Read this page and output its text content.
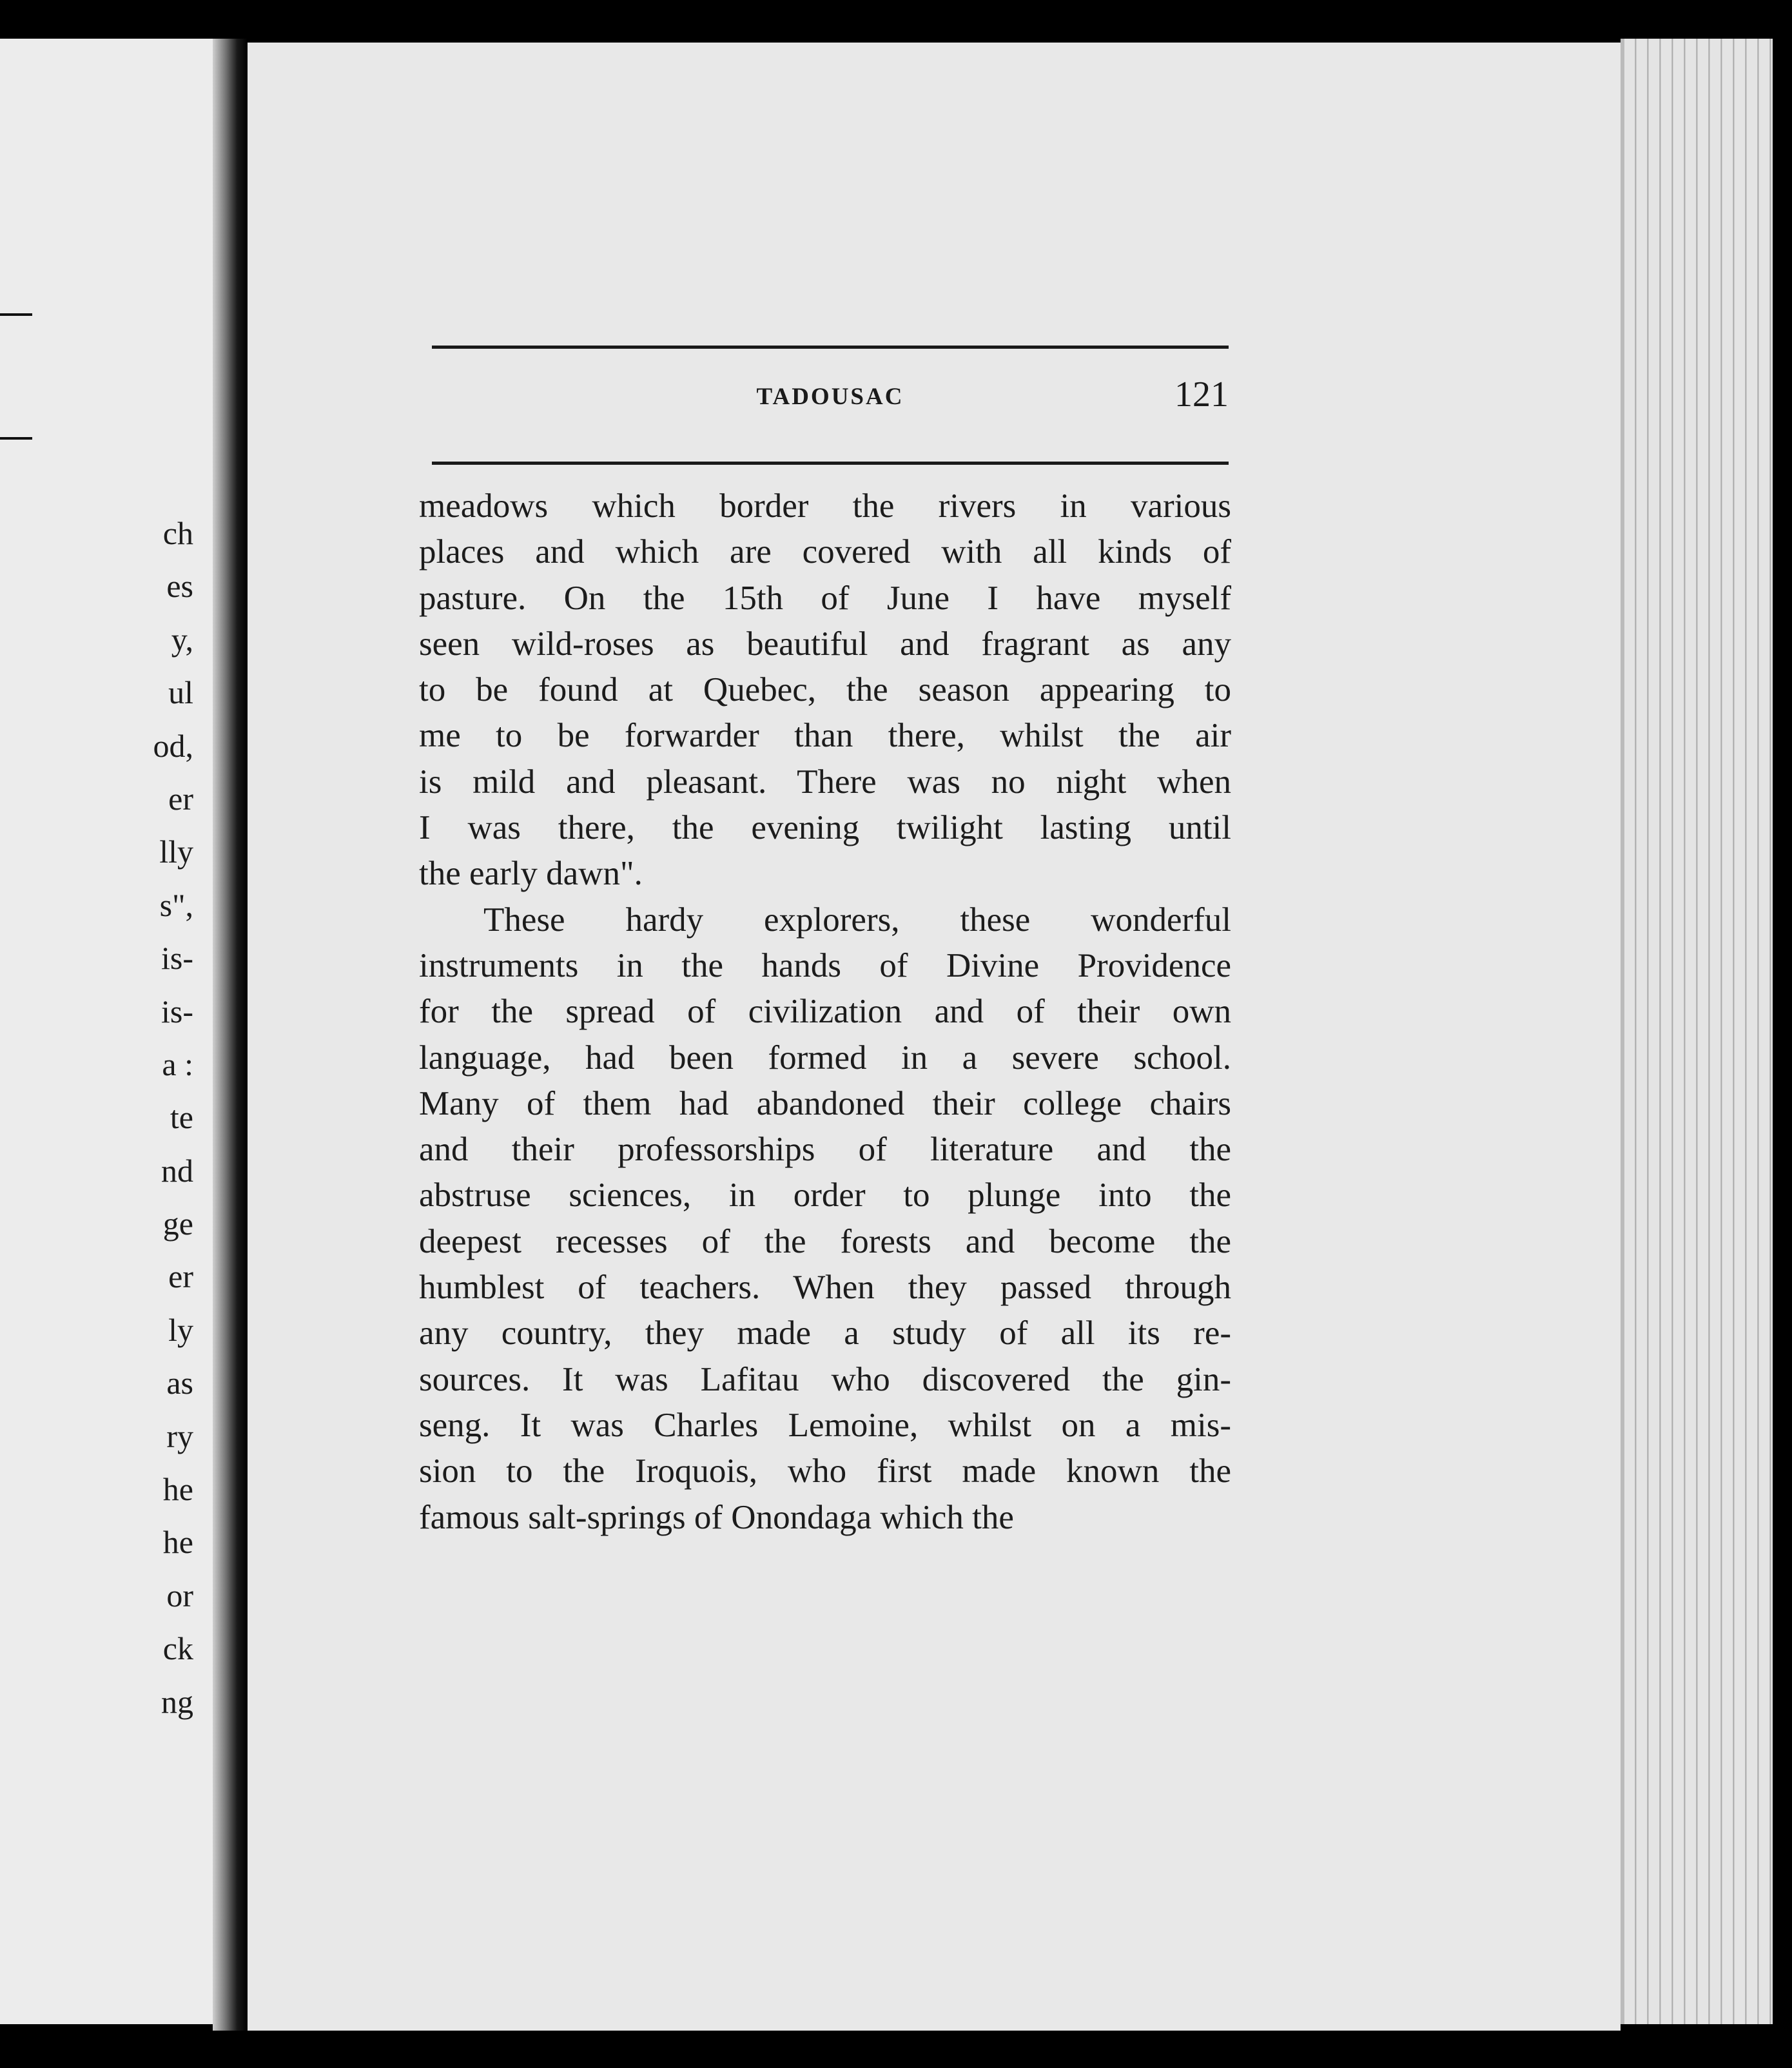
ch
es
y,
ul
od,
er
lly
s",
is-
is-
a :
te
nd
ge
er
ly
as
ry
he
he
or
ck
ng
TADOUSAC	121
meadows which border the rivers in various
places and which are covered with all kinds of
pasture. On the 15th of June I have myself
seen wild-roses as beautiful and fragrant as any
to be found at Quebec, the season appearing to
me to be forwarder than there, whilst the air
is mild and pleasant. There was no night when
I was there, the evening twilight lasting until
the early dawn".
These hardy explorers, these wonderful
instruments in the hands of Divine Providence
for the spread of civilization and of their own
language, had been formed in a severe school.
Many of them had abandoned their college chairs
and their professorships of literature and the
abstruse sciences, in order to plunge into the
deepest recesses of the forests and become the
humblest of teachers. When they passed through
any country, they made a study of all its re-
sources. It was Lafitau who discovered the gin-
seng. It was Charles Lemoine, whilst on a mis-
sion to the Iroquois, who first made known the
famous salt-springs of Onondaga which the
